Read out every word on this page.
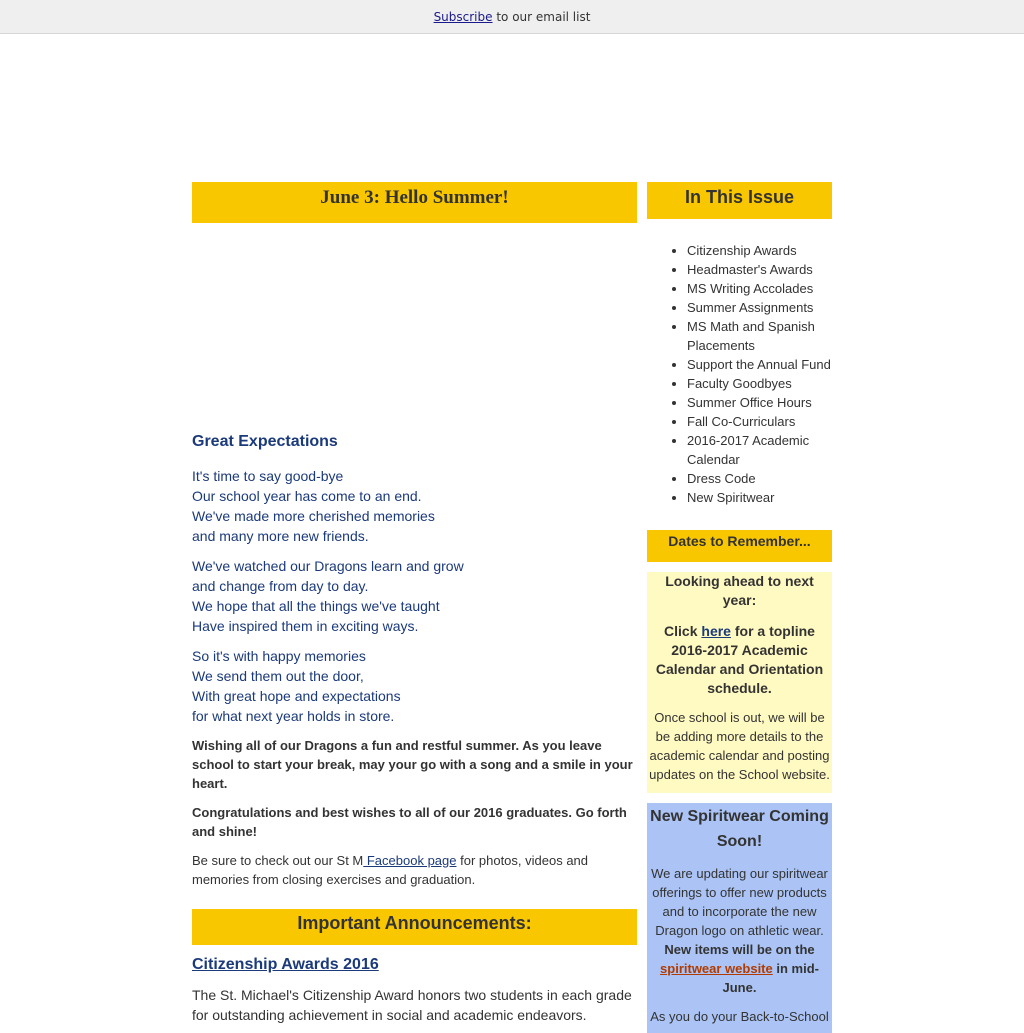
Subscribe to our email list
June 3: Hello Summer!
Great Expectations

It's time to say good-bye
Our school year has come to an end.
We've made more cherished memories
and many more new friends.

We've watched our Dragons learn and grow
and change from day to day.
We hope that all the things we've taught
Have inspired them in exciting ways.

So it's with happy memories
We send them out the door,
With great hope and expectations
for what next year holds in store.

Wishing all of our Dragons a fun and restful summer. As you leave school to start your break, may your go with a song and a smile in your heart.

Congratulations and best wishes to all of our 2016 graduates. Go forth and shine!

Be sure to check out our St M Facebook page for photos, videos and memories from closing exercises and graduation.

Important Announcements:
Citizenship Awards 2016

The St. Michael's Citizenship Award honors two students in each grade for outstanding achievement in social and academic endeavors.

In This Issue
• Citizenship Awards
• Headmaster's Awards
• MS Writing Accolades
• Summer Assignments
• MS Math and Spanish Placements
• Support the Annual Fund
• Faculty Goodbyes
• Summer Office Hours
• Fall Co-Curriculars
• 2016-2017 Academic Calendar
• Dress Code
• New Spiritwear
Dates to Remember...

Looking ahead to next year:

Click here for a topline 2016-2017 Academic Calendar and Orientation schedule.

Once school is out, we will be be adding more details to the academic calendar and posting updates on the School website.

New Spiritwear Coming Soon!

We are updating our spiritwear offerings to offer new products and to incorporate the new Dragon logo on athletic wear. New items will be on the spiritwear website in mid-June.

As you do your Back-to-School
